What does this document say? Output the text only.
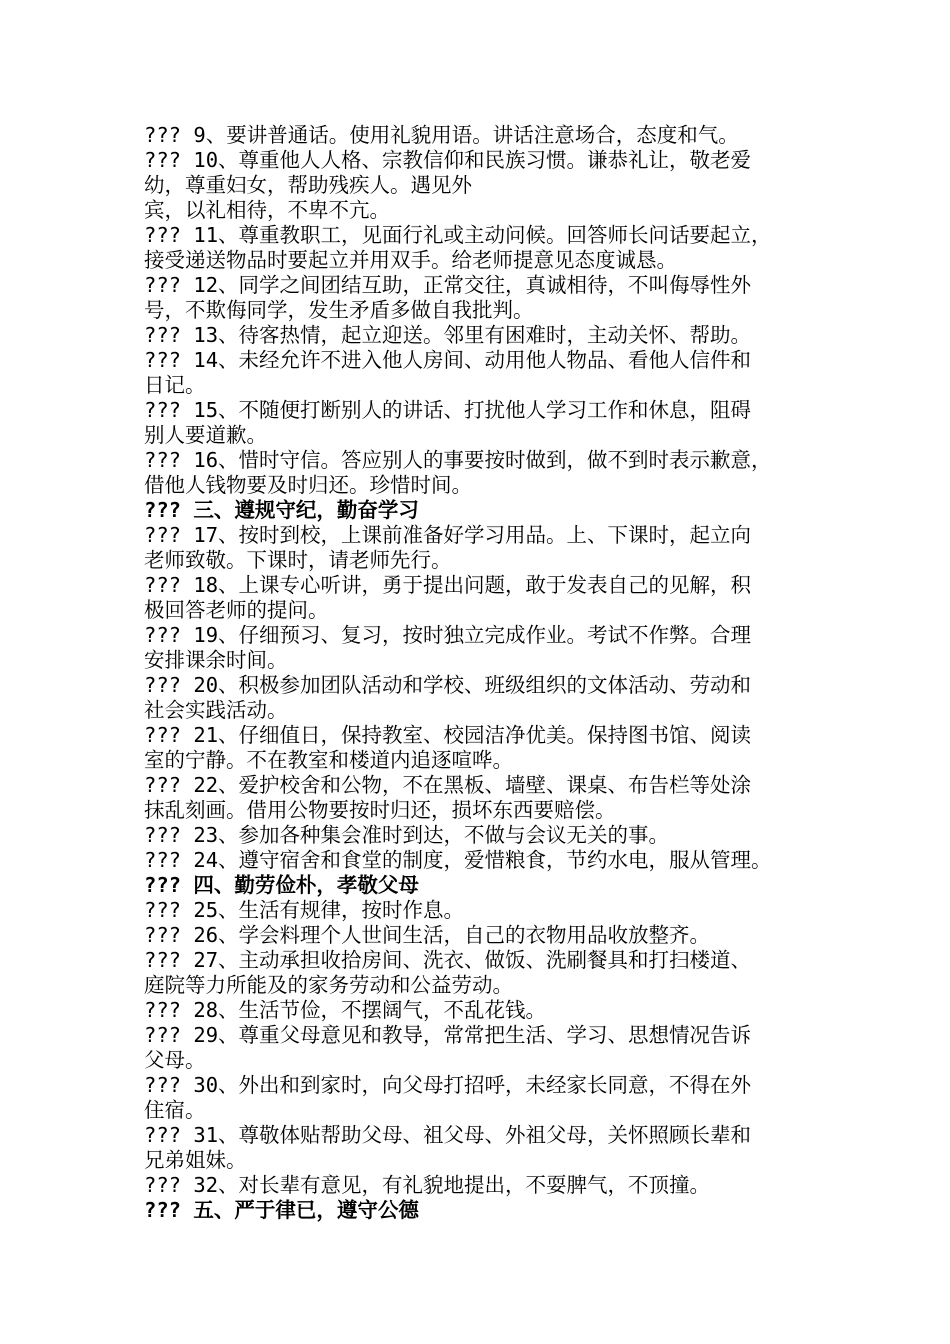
??? 9、要讲普通话。使用礼貌用语。讲话注意场合，态度和气。
??? 10、尊重他人人格、宗教信仰和民族习惯。谦恭礼让，敬老爱
幼，尊重妇女，帮助残疾人。遇见外
宾，以礼相待，不卑不亢。
??? 11、尊重教职工，见面行礼或主动问候。回答师长问话要起立，
接受递送物品时要起立并用双手。给老师提意见态度诚恳。
??? 12、同学之间团结互助，正常交往，真诚相待，不叫侮辱性外
号，不欺侮同学，发生矛盾多做自我批判。
??? 13、待客热情，起立迎送。邻里有困难时，主动关怀、帮助。
??? 14、未经允许不进入他人房间、动用他人物品、看他人信件和
日记。
??? 15、不随便打断别人的讲话、打扰他人学习工作和休息，阻碍
别人要道歉。
??? 16、惜时守信。答应别人的事要按时做到，做不到时表示歉意，
借他人钱物要及时归还。珍惜时间。
??? 三、遵规守纪，勤奋学习
??? 17、按时到校，上课前准备好学习用品。上、下课时，起立向
老师致敬。下课时，请老师先行。
??? 18、上课专心听讲，勇于提出问题，敢于发表自己的见解，积
极回答老师的提问。
??? 19、仔细预习、复习，按时独立完成作业。考试不作弊。合理
安排课余时间。
??? 20、积极参加团队活动和学校、班级组织的文体活动、劳动和
社会实践活动。
??? 21、仔细值日，保持教室、校园洁净优美。保持图书馆、阅读
室的宁静。不在教室和楼道内追逐喧哗。
??? 22、爱护校舍和公物，不在黑板、墙壁、课桌、布告栏等处涂
抹乱刻画。借用公物要按时归还，损坏东西要赔偿。
??? 23、参加各种集会准时到达，不做与会议无关的事。
??? 24、遵守宿舍和食堂的制度，爱惜粮食，节约水电，服从管理。
??? 四、勤劳俭朴，孝敬父母
??? 25、生活有规律，按时作息。
??? 26、学会料理个人世间生活，自己的衣物用品收放整齐。
??? 27、主动承担收拾房间、洗衣、做饭、洗刷餐具和打扫楼道、
庭院等力所能及的家务劳动和公益劳动。
??? 28、生活节俭，不摆阔气，不乱花钱。
??? 29、尊重父母意见和教导，常常把生活、学习、思想情况告诉
父母。
??? 30、外出和到家时，向父母打招呼，未经家长同意，不得在外
住宿。
??? 31、尊敬体贴帮助父母、祖父母、外祖父母，关怀照顾长辈和
兄弟姐妹。
??? 32、对长辈有意见，有礼貌地提出，不耍脾气，不顶撞。
??? 五、严于律已，遵守公德
